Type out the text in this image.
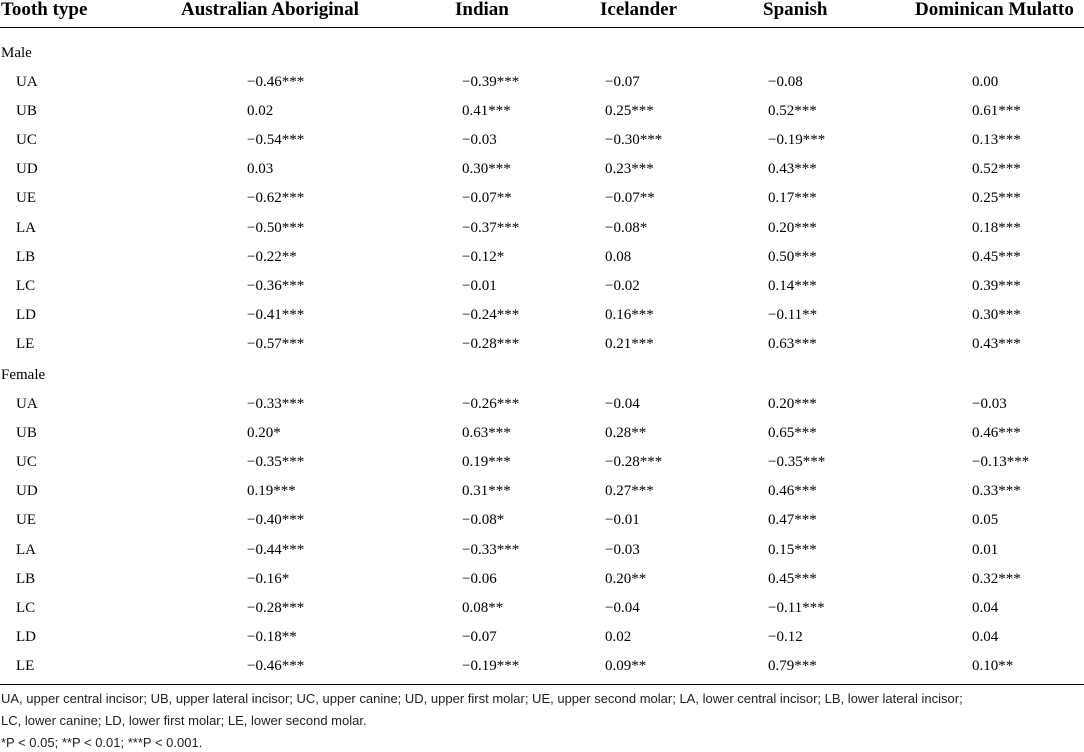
Tooth type	Australian Aboriginal	Indian	Icelander	Spanish	Dominican Mulatto
Male
UA	−0.46***	−0.39***	−0.07	−0.08	0.00
UB	0.02	0.41***	0.25***	0.52***	0.61***
UC	−0.54***	−0.03	−0.30***	−0.19***	0.13***
UD	0.03	0.30***	0.23***	0.43***	0.52***
UE	−0.62***	−0.07**	−0.07**	0.17***	0.25***
LA	−0.50***	−0.37***	−0.08*	0.20***	0.18***
LB	−0.22**	−0.12*	0.08	0.50***	0.45***
LC	−0.36***	−0.01	−0.02	0.14***	0.39***
LD	−0.41***	−0.24***	0.16***	−0.11**	0.30***
LE	−0.57***	−0.28***	0.21***	0.63***	0.43***
Female
UA	−0.33***	−0.26***	−0.04	0.20***	−0.03
UB	0.20*	0.63***	0.28**	0.65***	0.46***
UC	−0.35***	0.19***	−0.28***	−0.35***	−0.13***
UD	0.19***	0.31***	0.27***	0.46***	0.33***
UE	−0.40***	−0.08*	−0.01	0.47***	0.05
LA	−0.44***	−0.33***	−0.03	0.15***	0.01
LB	−0.16*	−0.06	0.20**	0.45***	0.32***
LC	−0.28***	0.08**	−0.04	−0.11***	0.04
LD	−0.18**	−0.07	0.02	−0.12	0.04
LE	−0.46***	−0.19***	0.09**	0.79***	0.10**
UA, upper central incisor; UB, upper lateral incisor; UC, upper canine; UD, upper first molar; UE, upper second molar; LA, lower central incisor; LB, lower lateral incisor;
LC, lower canine; LD, lower first molar; LE, lower second molar.
*P < 0.05; **P < 0.01; ***P < 0.001.
